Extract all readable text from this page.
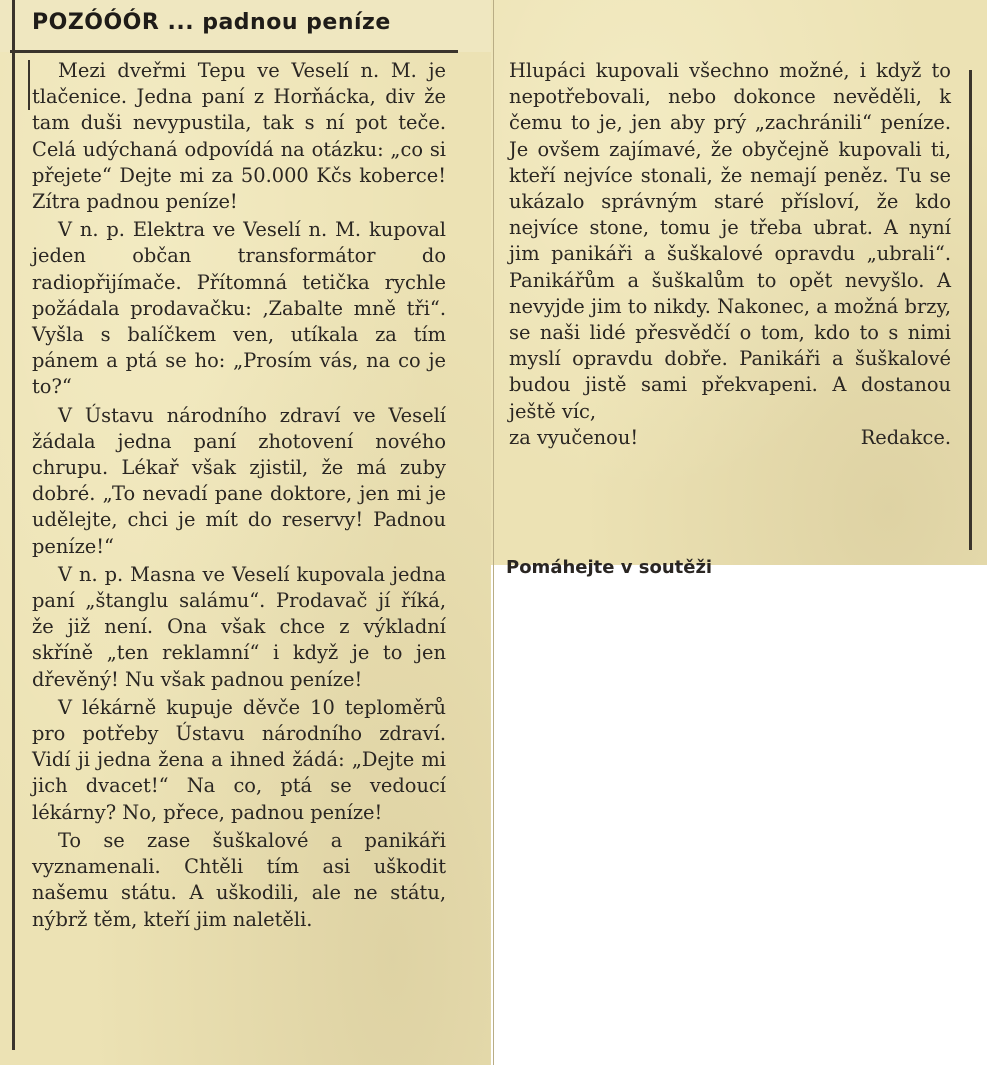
POZÓÓÓR ... padnou peníze

Mezi dveřmi Tepu ve Veselí n. M. je tlačenice. Jedna paní z Horňácka, div že tam duši nevypustila, tak s ní pot teče. Celá udýchaná odpovídá na otázku: „co si přejete“ Dejte mi za 50.000 Kčs koberce! Zítra padnou peníze!

V n. p. Elektra ve Veselí n. M. kupoval jeden občan transformátor do radiopřijímače. Přítomná tetička rychle požádala prodavačku: ‚Zabalte mně tři“. Vyšla s balíčkem ven, utíkala za tím pánem a ptá se ho: „Prosím vás, na co je to?“

V Ústavu národního zdraví ve Veselí žádala jedna paní zhotovení nového chrupu. Lékař však zjistil, že má zuby dobré. „To nevadí pane doktore, jen mi je udělejte, chci je mít do reservy! Padnou peníze!“

V n. p. Masna ve Veselí kupovala jedna paní „štanglu salámu“. Prodavač jí říká, že již není. Ona však chce z výkladní skříně „ten reklamní“ i když je to jen dřevěný! Nu však padnou peníze!

V lékárně kupuje děvče 10 teploměrů pro potřeby Ústavu národního zdraví. Vidí ji jedna žena a ihned žádá: „Dejte mi jich dvacet!“ Na co, ptá se vedoucí lékárny? No, přece, padnou peníze!

To se zase šuškalové a panikáři vyznamenali. Chtěli tím asi uškodit našemu státu. A uškodili, ale ne státu, nýbrž těm, kteří jim naletěli.

Hlupáci kupovali všechno možné, i když to nepotřebovali, nebo dokonce nevěděli, k čemu to je, jen aby prý „zachránili“ peníze. Je ovšem zajímavé, že obyčejně kupovali ti, kteří nejvíce stonali, že nemají peněz. Tu se ukázalo správným staré přísloví, že kdo nejvíce stone, tomu je třeba ubrat. A nyní jim panikáři a šuškalové opravdu „ubrali“. Panikářům a šuškalům to opět nevyšlo. A nevyjde jim to nikdy. Nakonec, a možná brzy, se naši lidé přesvědčí o tom, kdo to s nimi myslí opravdu dobře. Panikáři a šuškalové budou jistě sami překvapeni. A dostanou ještě víc,

za vyučenou!	Redakce.

Pomáhejte v soutěži
